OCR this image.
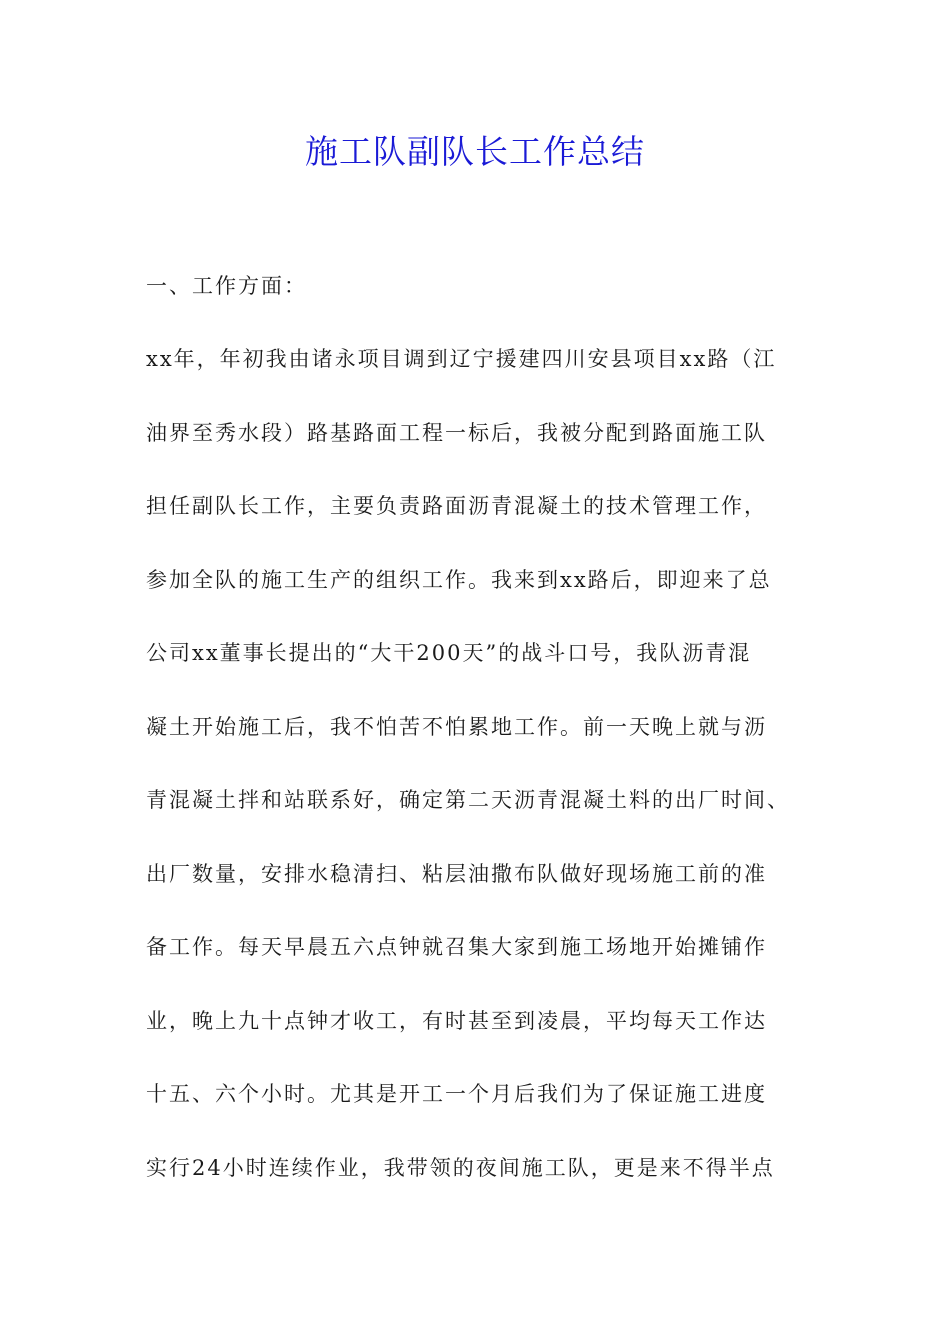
施工队副队长工作总结

一、工作方面：

xx年，年初我由诸永项目调到辽宁援建四川安县项目xx路（江
油界至秀水段）路基路面工程一标后，我被分配到路面施工队
担任副队长工作，主要负责路面沥青混凝土的技术管理工作，
参加全队的施工生产的组织工作。我来到xx路后，即迎来了总
公司xx董事长提出的“大干200天”的战斗口号，我队沥青混
凝土开始施工后，我不怕苦不怕累地工作。前一天晚上就与沥
青混凝土拌和站联系好，确定第二天沥青混凝土料的出厂时间、
出厂数量，安排水稳清扫、粘层油撒布队做好现场施工前的准
备工作。每天早晨五六点钟就召集大家到施工场地开始摊铺作
业，晚上九十点钟才收工，有时甚至到凌晨，平均每天工作达
十五、六个小时。尤其是开工一个月后我们为了保证施工进度
实行24小时连续作业，我带领的夜间施工队，更是来不得半点
